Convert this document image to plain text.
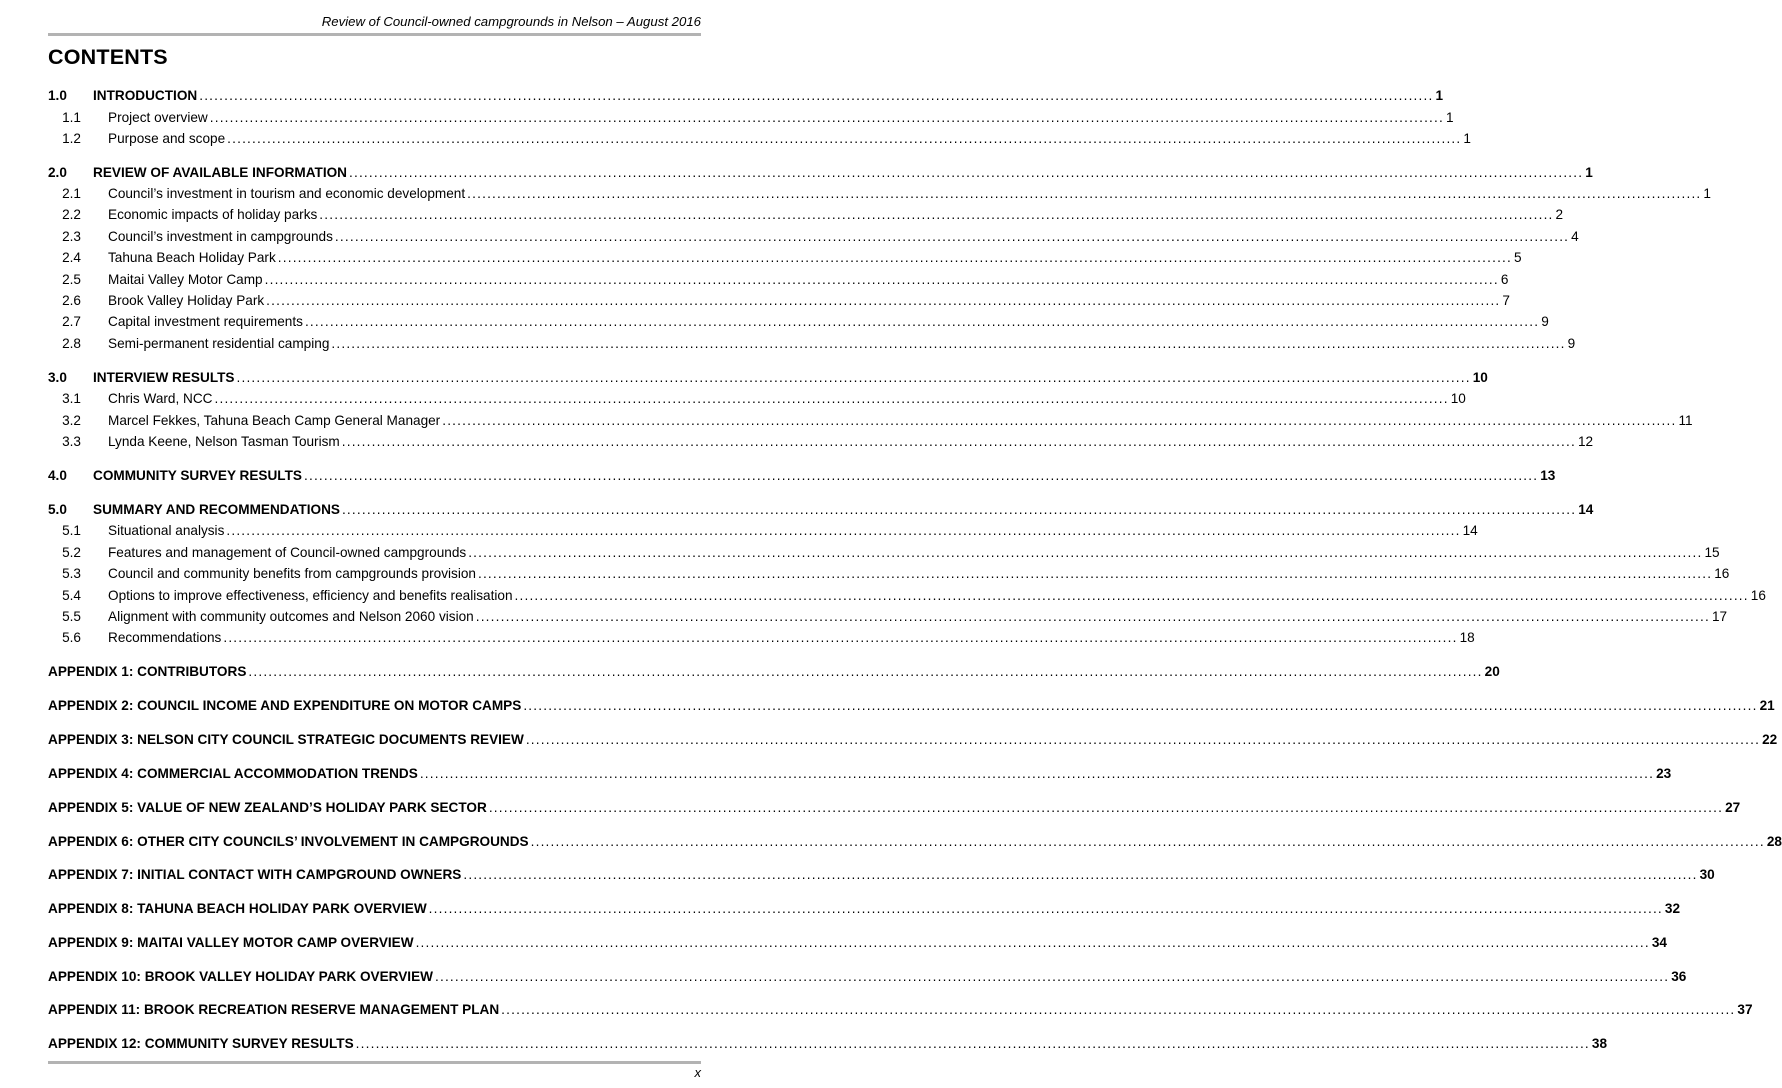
Review of Council-owned campgrounds in Nelson – August 2016
CONTENTS
1.0	INTRODUCTION ........................................................................................................................................................................................................................................................ 1
1.1	Project overview ........................................................................................................................................................................................................................................................ 1
1.2	Purpose and scope ........................................................................................................................................................................................................................................................ 1
2.0	REVIEW OF AVAILABLE INFORMATION ........................................................................................................................................................................................................................................................ 1
2.1	Council’s investment in tourism and economic development ........................................................................................................................................................................................................................................................ 1
2.2	Economic impacts of holiday parks ........................................................................................................................................................................................................................................................ 2
2.3	Council’s investment in campgrounds ........................................................................................................................................................................................................................................................ 4
2.4	Tahuna Beach Holiday Park ........................................................................................................................................................................................................................................................ 5
2.5	Maitai Valley Motor Camp ........................................................................................................................................................................................................................................................ 6
2.6	Brook Valley Holiday Park ........................................................................................................................................................................................................................................................ 7
2.7	Capital investment requirements ........................................................................................................................................................................................................................................................ 9
2.8	Semi-permanent residential camping ........................................................................................................................................................................................................................................................ 9
3.0	INTERVIEW RESULTS ........................................................................................................................................................................................................................................................ 10
3.1	Chris Ward, NCC ........................................................................................................................................................................................................................................................ 10
3.2	Marcel Fekkes, Tahuna Beach Camp General Manager ........................................................................................................................................................................................................................................................ 11
3.3	Lynda Keene, Nelson Tasman Tourism ........................................................................................................................................................................................................................................................ 12
4.0	COMMUNITY SURVEY RESULTS ........................................................................................................................................................................................................................................................ 13
5.0	SUMMARY AND RECOMMENDATIONS ........................................................................................................................................................................................................................................................ 14
5.1	Situational analysis ........................................................................................................................................................................................................................................................ 14
5.2	Features and management of Council-owned campgrounds ........................................................................................................................................................................................................................................................ 15
5.3	Council and community benefits from campgrounds provision ........................................................................................................................................................................................................................................................ 16
5.4	Options to improve effectiveness, efficiency and benefits realisation ........................................................................................................................................................................................................................................................ 16
5.5	Alignment with community outcomes and Nelson 2060 vision ........................................................................................................................................................................................................................................................ 17
5.6	Recommendations ........................................................................................................................................................................................................................................................ 18
APPENDIX 1: CONTRIBUTORS ........................................................................................................................................................................................................................................................ 20
APPENDIX 2: COUNCIL INCOME AND EXPENDITURE ON MOTOR CAMPS ........................................................................................................................................................................................................................................................ 21
APPENDIX 3: NELSON CITY COUNCIL STRATEGIC DOCUMENTS REVIEW ........................................................................................................................................................................................................................................................ 22
APPENDIX 4: COMMERCIAL ACCOMMODATION TRENDS ........................................................................................................................................................................................................................................................ 23
APPENDIX 5: VALUE OF NEW ZEALAND’S HOLIDAY PARK SECTOR ........................................................................................................................................................................................................................................................ 27
APPENDIX 6: OTHER CITY COUNCILS’ INVOLVEMENT IN CAMPGROUNDS ........................................................................................................................................................................................................................................................ 28
APPENDIX 7: INITIAL CONTACT WITH CAMPGROUND OWNERS ........................................................................................................................................................................................................................................................ 30
APPENDIX 8: TAHUNA BEACH HOLIDAY PARK OVERVIEW ........................................................................................................................................................................................................................................................ 32
APPENDIX 9: MAITAI VALLEY MOTOR CAMP OVERVIEW ........................................................................................................................................................................................................................................................ 34
APPENDIX 10: BROOK VALLEY HOLIDAY PARK OVERVIEW ........................................................................................................................................................................................................................................................ 36
APPENDIX 11: BROOK RECREATION RESERVE MANAGEMENT PLAN ........................................................................................................................................................................................................................................................ 37
APPENDIX 12: COMMUNITY SURVEY RESULTS ........................................................................................................................................................................................................................................................ 38
x
